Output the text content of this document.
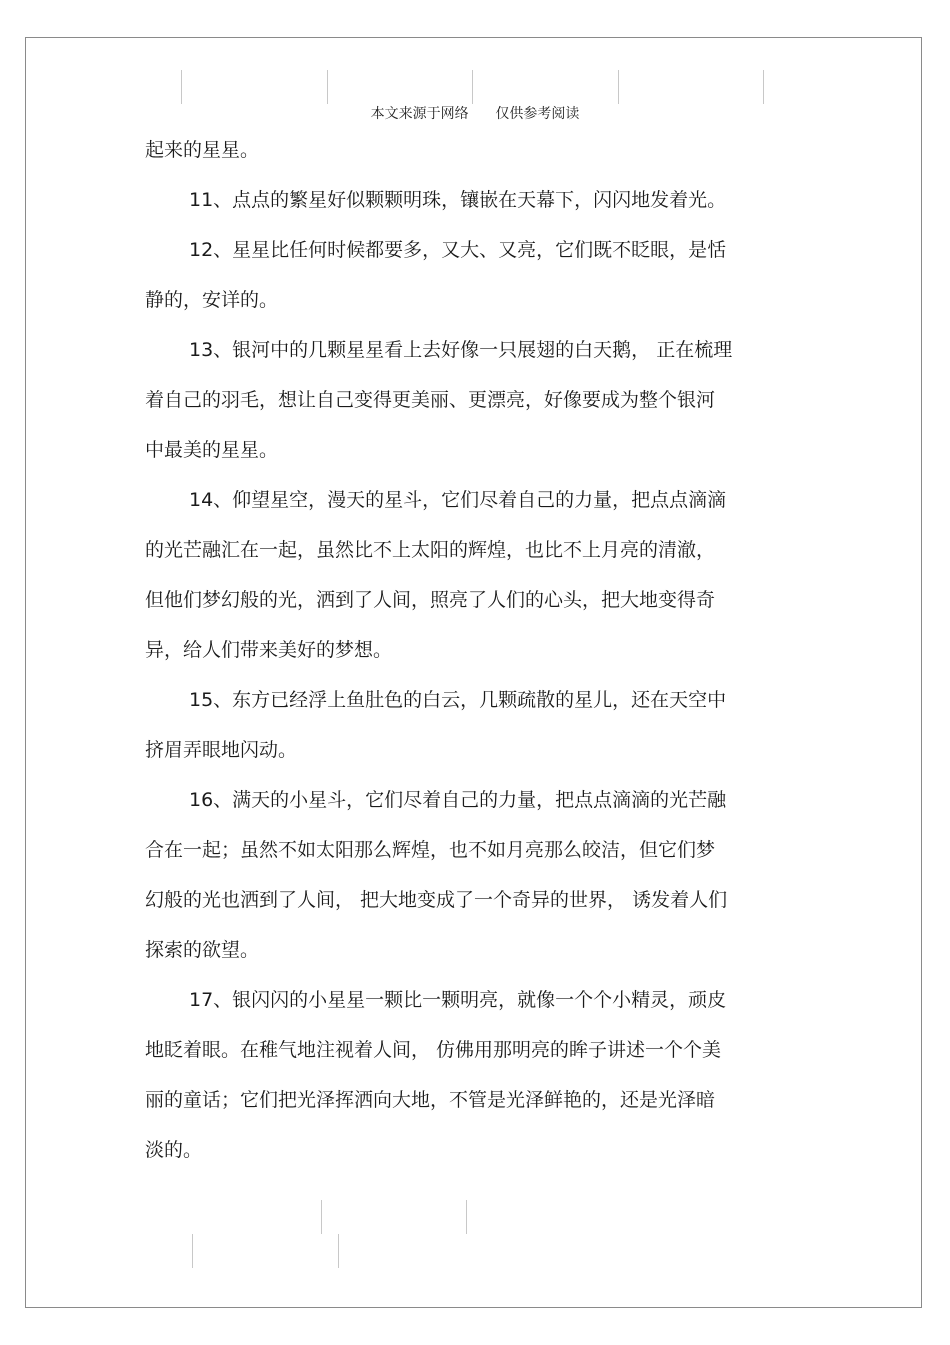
本文来源于网络      仅供参考阅读
起来的星星。
11、点点的繁星好似颗颗明珠，镶嵌在天幕下，闪闪地发着光。
12、星星比任何时候都要多，又大、又亮，它们既不眨眼，是恬
静的，安详的。
13、银河中的几颗星星看上去好像一只展翅的白天鹅， 正在梳理
着自己的羽毛，想让自己变得更美丽、更漂亮，好像要成为整个银河
中最美的星星。
14、仰望星空，漫天的星斗，它们尽着自己的力量，把点点滴滴
的光芒融汇在一起，虽然比不上太阳的辉煌，也比不上月亮的清澈，
但他们梦幻般的光，洒到了人间，照亮了人们的心头，把大地变得奇
异，给人们带来美好的梦想。
15、东方已经浮上鱼肚色的白云，几颗疏散的星儿，还在天空中
挤眉弄眼地闪动。
16、满天的小星斗，它们尽着自己的力量，把点点滴滴的光芒融
合在一起；虽然不如太阳那么辉煌，也不如月亮那么皎洁，但它们梦
幻般的光也洒到了人间， 把大地变成了一个奇异的世界， 诱发着人们
探索的欲望。
17、银闪闪的小星星一颗比一颗明亮，就像一个个小精灵，顽皮
地眨着眼。在稚气地注视着人间， 仿佛用那明亮的眸子讲述一个个美
丽的童话；它们把光泽挥洒向大地，不管是光泽鲜艳的，还是光泽暗
淡的。
